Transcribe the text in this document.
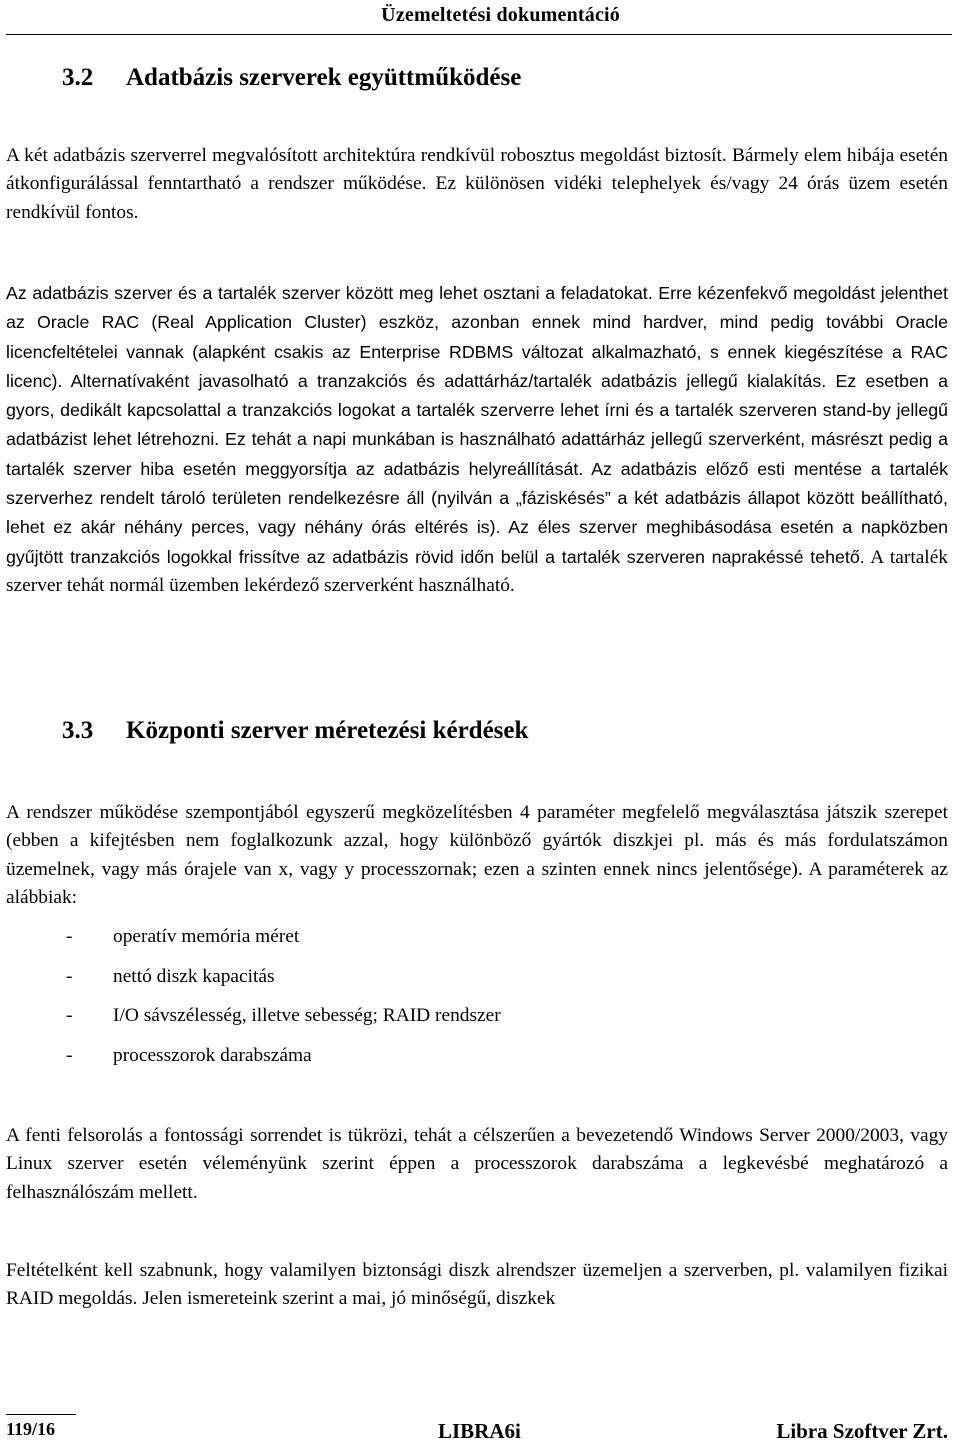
Üzemeltetési dokumentáció
3.2 Adatbázis szerverek együttműködése

A két adatbázis szerverrel megvalósított architektúra rendkívül robosztus megoldást biztosít. Bármely elem hibája esetén átkonfigurálással fenntartható a rendszer működése. Ez különösen vidéki telephelyek és/vagy 24 órás üzem esetén rendkívül fontos.

Az adatbázis szerver és a tartalék szerver között meg lehet osztani a feladatokat. Erre kézenfekvő megoldást jelenthet az Oracle RAC (Real Application Cluster) eszköz, azonban ennek mind hardver, mind pedig további Oracle licencfeltételei vannak (alapként csakis az Enterprise RDBMS változat alkalmazható, s ennek kiegészítése a RAC licenc). Alternatívaként javasolható a tranzakciós és adattárház/tartalék adatbázis jellegű kialakítás. Ez esetben a gyors, dedikált kapcsolattal a tranzakciós logokat a tartalék szerverre lehet írni és a tartalék szerveren stand-by jellegű adatbázist lehet létrehozni. Ez tehát a napi munkában is használható adattárház jellegű szerverként, másrészt pedig a tartalék szerver hiba esetén meggyorsítja az adatbázis helyreállítását. Az adatbázis előző esti mentése a tartalék szerverhez rendelt tároló területen rendelkezésre áll (nyilván a „fáziskésés” a két adatbázis állapot között beállítható, lehet ez akár néhány perces, vagy néhány órás eltérés is). Az éles szerver meghibásodása esetén a napközben gyűjtött tranzakciós logokkal frissítve az adatbázis rövid időn belül a tartalék szerveren naprakéssé tehető. A tartalék szerver tehát normál üzemben lekérdező szerverként használható.

3.3 Központi szerver méretezési kérdések

A rendszer működése szempontjából egyszerű megközelítésben 4 paraméter megfelelő megválasztása játszik szerepet (ebben a kifejtésben nem foglalkozunk azzal, hogy különböző gyártók diszkjei pl. más és más fordulatszámon üzemelnek, vagy más órajele van x, vagy y processzornak; ezen a szinten ennek nincs jelentősége). A paraméterek az alábbiak:

- operatív memória méret
- nettó diszk kapacitás
- I/O sávszélesség, illetve sebesség; RAID rendszer
- processzorok darabszáma

A fenti felsorolás a fontossági sorrendet is tükrözi, tehát a célszerűen a bevezetendő Windows Server 2000/2003, vagy Linux szerver esetén véleményünk szerint éppen a processzorok darabszáma a legkevésbé meghatározó a felhasználószám mellett.

Feltételként kell szabnunk, hogy valamilyen biztonsági diszk alrendszer üzemeljen a szerverben, pl. valamilyen fizikai RAID megoldás. Jelen ismereteink szerint a mai, jó minőségű, diszkek

119/16	LIBRA6i	Libra Szoftver Zrt.
